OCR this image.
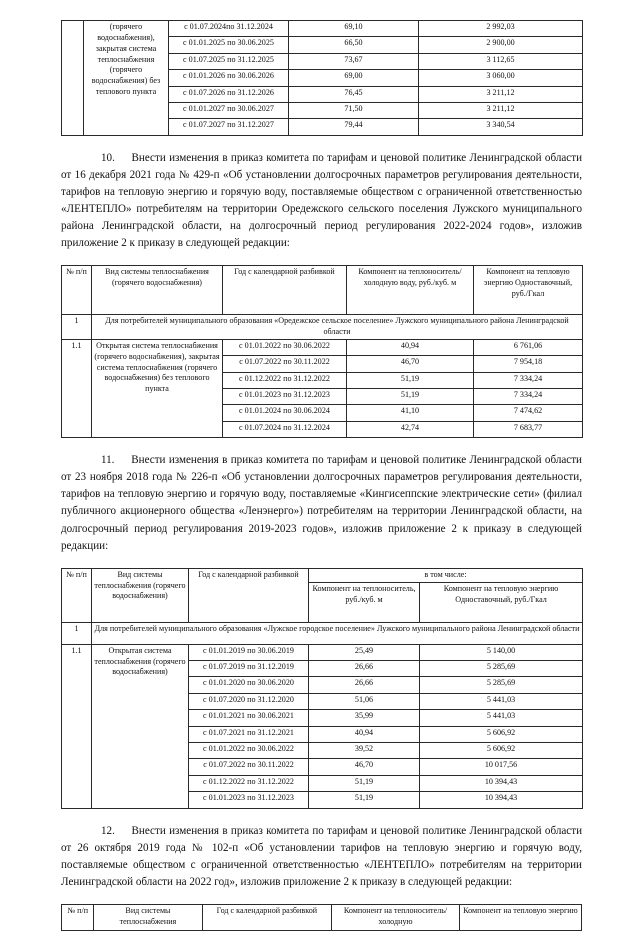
	(горячего водоснабжения), закрытая система теплоснабжения (горячего водоснабжения) без теплового пункта	с 01.07.2024по 31.12.2024	69,10	2 992,03
		с 01.01.2025 по 30.06.2025	66,50	2 900,00
		с 01.07.2025 по 31.12.2025	73,67	3 112,65
		с 01.01.2026 по 30.06.2026	69,00	3 060,00
		с 01.07.2026 по 31.12.2026	76,45	3 211,12
		с 01.01.2027 по 30.06.2027	71,50	3 211,12
		с 01.07.2027 по 31.12.2027	79,44	3 340,54

10. Внести изменения в приказ комитета по тарифам и ценовой политике Ленинградской области от 16 декабря 2021 года № 429-п «Об установлении долгосрочных параметров регулирования деятельности, тарифов на тепловую энергию и горячую воду, поставляемые обществом с ограниченной ответственностью «ЛЕНТЕПЛО» потребителям на территории Оредежского сельского поселения Лужского муниципального района Ленинградской области, на долгосрочный период регулирования 2022-2024 годов», изложив приложение 2 к приказу в следующей редакции:

№ п/п	Вид системы теплоснабжения (горячего водоснабжения)	Год с календарной разбивкой	Компонент на теплоноситель/холодную воду, руб./куб. м	Компонент на тепловую энергию Одноставочный, руб./Гкал
1	Для потребителей муниципального образования «Оредежское сельское поселение» Лужского муниципального района Ленинградской области			
1.1	Открытая система теплоснабжения (горячего водоснабжения), закрытая система теплоснабжения (горячего водоснабжения) без теплового пункта	с 01.01.2022 по 30.06.2022	40,94	6 761,06
		с 01.07.2022 по 30.11.2022	46,70	7 954,18
		с 01.12.2022 по 31.12.2022	51,19	7 334,24
		с 01.01.2023 по 31.12.2023	51,19	7 334,24
		с 01.01.2024 по 30.06.2024	41,10	7 474,62
		с 01.07.2024 по 31.12.2024	42,74	7 683,77

11. Внести изменения в приказ комитета по тарифам и ценовой политике Ленинградской области от 23 ноября 2018 года № 226-п «Об установлении долгосрочных параметров регулирования деятельности, тарифов на тепловую энергию и горячую воду, поставляемые «Кингисеппские электрические сети» (филиал публичного акционерного общества «Ленэнерго») потребителям на территории Ленинградской области, на долгосрочный период регулирования 2019-2023 годов», изложив приложение 2 к приказу в следующей редакции:

№ п/п	Вид системы теплоснабжения (горячего водоснабжения)	Год с календарной разбивкой	в том числе:	
			Компонент на теплоноситель, руб./куб. м	Компонент на тепловую энергию Одноставочный, руб./Гкал
1	Для потребителей муниципального образования «Лужское городское поселение» Лужского муниципального района Ленинградской области			
1.1	Открытая система теплоснабжения (горячего водоснабжения)	с 01.01.2019 по 30.06.2019	25,49	5 140,00
		с 01.07.2019 по 31.12.2019	26,66	5 285,69
		с 01.01.2020 по 30.06.2020	26,66	5 285,69
		с 01.07.2020 по 31.12.2020	51,06	5 441,03
		с 01.01.2021 по 30.06.2021	35,99	5 441,03
		с 01.07.2021 по 31.12.2021	40,94	5 606,92
		с 01.01.2022 по 30.06.2022	39,52	5 606,92
		с 01.07.2022 по 30.11.2022	46,70	10 017,56
		с 01.12.2022 по 31.12.2022	51,19	10 394,43
		с 01.01.2023 по 31.12.2023	51,19	10 394,43

12. Внести изменения в приказ комитета по тарифам и ценовой политике Ленинградской области от 26 октября 2019 года № 102-п «Об установлении тарифов на тепловую энергию и горячую воду, поставляемые обществом с ограниченной ответственностью «ЛЕНТЕПЛО» потребителям на территории Ленинградской области на 2022 год», изложив приложение 2 к приказу в следующей редакции:

№ п/п	Вид системы теплоснабжения	Год с календарной разбивкой	Компонент на теплоноситель/холодную	Компонент на тепловую энергию
